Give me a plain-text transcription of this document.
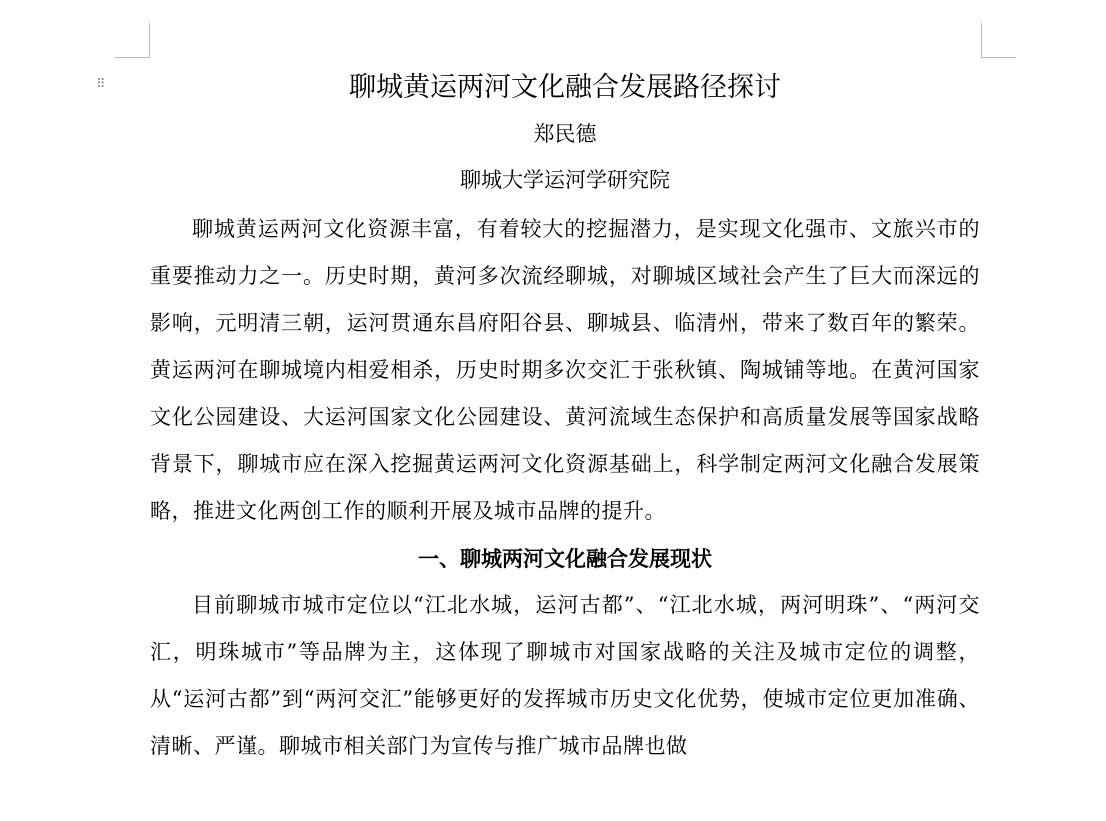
⠿	聊城黄运两河文化融合发展路径探讨

郑民德

聊城大学运河学研究院

聊城黄运两河文化资源丰富，有着较大的挖掘潜力，是实现文化强市、文旅兴市的重要推动力之一。历史时期，黄河多次流经聊城，对聊城区域社会产生了巨大而深远的影响，元明清三朝，运河贯通东昌府阳谷县、聊城县、临清州，带来了数百年的繁荣。黄运两河在聊城境内相爱相杀，历史时期多次交汇于张秋镇、陶城铺等地。在黄河国家文化公园建设、大运河国家文化公园建设、黄河流域生态保护和高质量发展等国家战略背景下，聊城市应在深入挖掘黄运两河文化资源基础上，科学制定两河文化融合发展策略，推进文化两创工作的顺利开展及城市品牌的提升。

一、聊城两河文化融合发展现状

目前聊城市城市定位以“江北水城，运河古都”、“江北水城，两河明珠”、“两河交汇，明珠城市”等品牌为主，这体现了聊城市对国家战略的关注及城市定位的调整，从“运河古都”到“两河交汇”能够更好的发挥城市历史文化优势，使城市定位更加准确、清晰、严谨。聊城市相关部门为宣传与推广城市品牌也做
